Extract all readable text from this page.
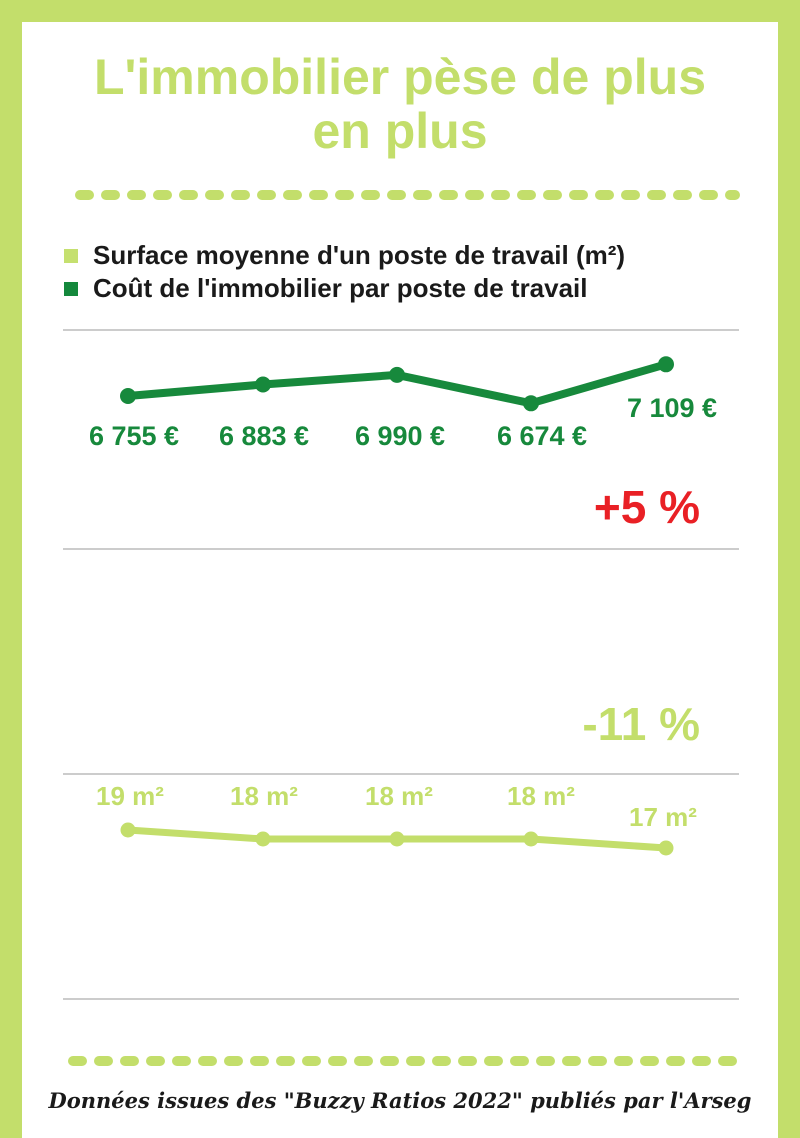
L'immobilier pèse de plus
en plus
Surface moyenne d'un poste de travail (m²)
Coût de l'immobilier par poste de travail
6 755 €	6 883 €	6 990 €	6 674 €
7 109 €
+5 %
-11 %
19 m²	18 m²	18 m²	18 m²
17 m²
Données issues des "Buzzy Ratios 2022" publiés par l'Arseg
